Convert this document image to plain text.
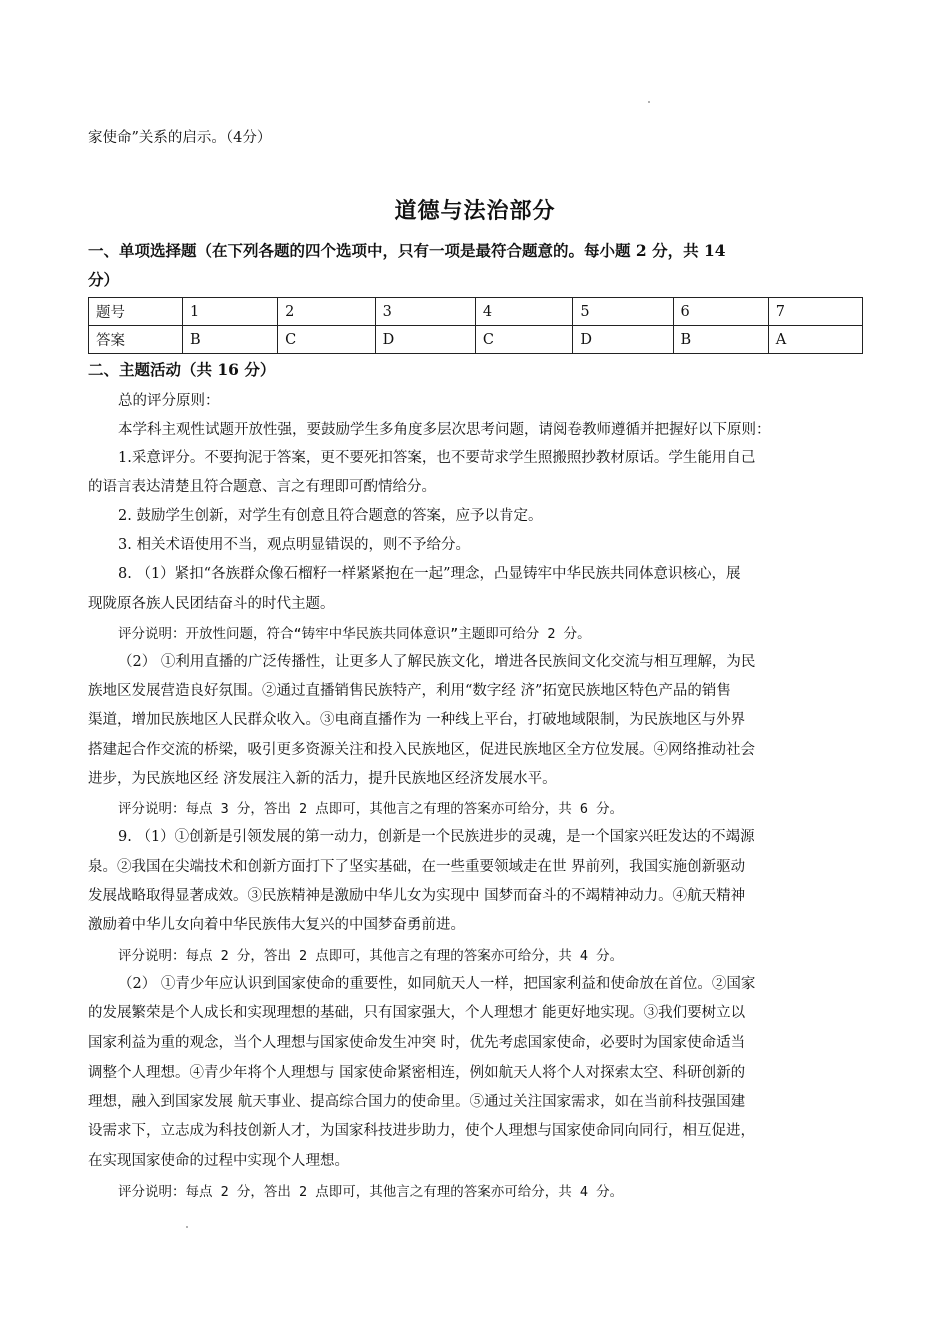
家使命”关系的启示。（4分）
道德与法治部分
一、单项选择题（在下列各题的四个选项中，只有一项是最符合题意的。每小题 2 分，共 14
分）
题号	1	2	3	4	5	6	7
答案	B	C	D	C	D	B	A
二、主题活动（共 16 分）
总的评分原则：
本学科主观性试题开放性强，要鼓励学生多角度多层次思考问题，请阅卷教师遵循并把握好以下原则：
1.采意评分。不要拘泥于答案，更不要死扣答案，也不要苛求学生照搬照抄教材原话。学生能用自己
的语言表达清楚且符合题意、言之有理即可酌情给分。
2. 鼓励学生创新，对学生有创意且符合题意的答案，应予以肯定。
3. 相关术语使用不当，观点明显错误的，则不予给分。
8. （1）紧扣“各族群众像石榴籽一样紧紧抱在一起”理念，凸显铸牢中华民族共同体意识核心，展
现陇原各族人民团结奋斗的时代主题。
评分说明：开放性问题，符合“铸牢中华民族共同体意识”主题即可给分 2 分。
（2） ①利用直播的广泛传播性，让更多人了解民族文化，增进各民族间文化交流与相互理解，为民
族地区发展营造良好氛围。②通过直播销售民族特产，利用“数字经 济”拓宽民族地区特色产品的销售
渠道，增加民族地区人民群众收入。③电商直播作为 一种线上平台，打破地域限制，为民族地区与外界
搭建起合作交流的桥梁，吸引更多资源关注和投入民族地区，促进民族地区全方位发展。④网络推动社会
进步，为民族地区经 济发展注入新的活力，提升民族地区经济发展水平。
评分说明：每点 3 分，答出 2 点即可，其他言之有理的答案亦可给分，共 6 分。
9. （1）①创新是引领发展的第一动力，创新是一个民族进步的灵魂，是一个国家兴旺发达的不竭源
泉。②我国在尖端技术和创新方面打下了坚实基础，在一些重要领域走在世 界前列，我国实施创新驱动
发展战略取得显著成效。③民族精神是激励中华儿女为实现中 国梦而奋斗的不竭精神动力。④航天精神
激励着中华儿女向着中华民族伟大复兴的中国梦奋勇前进。
评分说明：每点 2 分，答出 2 点即可，其他言之有理的答案亦可给分，共 4 分。
（2） ①青少年应认识到国家使命的重要性，如同航天人一样，把国家利益和使命放在首位。②国家
的发展繁荣是个人成长和实现理想的基础，只有国家强大，个人理想才 能更好地实现。③我们要树立以
国家利益为重的观念，当个人理想与国家使命发生冲突 时，优先考虑国家使命，必要时为国家使命适当
调整个人理想。④青少年将个人理想与 国家使命紧密相连，例如航天人将个人对探索太空、科研创新的
理想，融入到国家发展 航天事业、提高综合国力的使命里。⑤通过关注国家需求，如在当前科技强国建
设需求下，立志成为科技创新人才，为国家科技进步助力，使个人理想与国家使命同向同行，相互促进，
在实现国家使命的过程中实现个人理想。
评分说明：每点 2 分，答出 2 点即可，其他言之有理的答案亦可给分，共 4 分。
